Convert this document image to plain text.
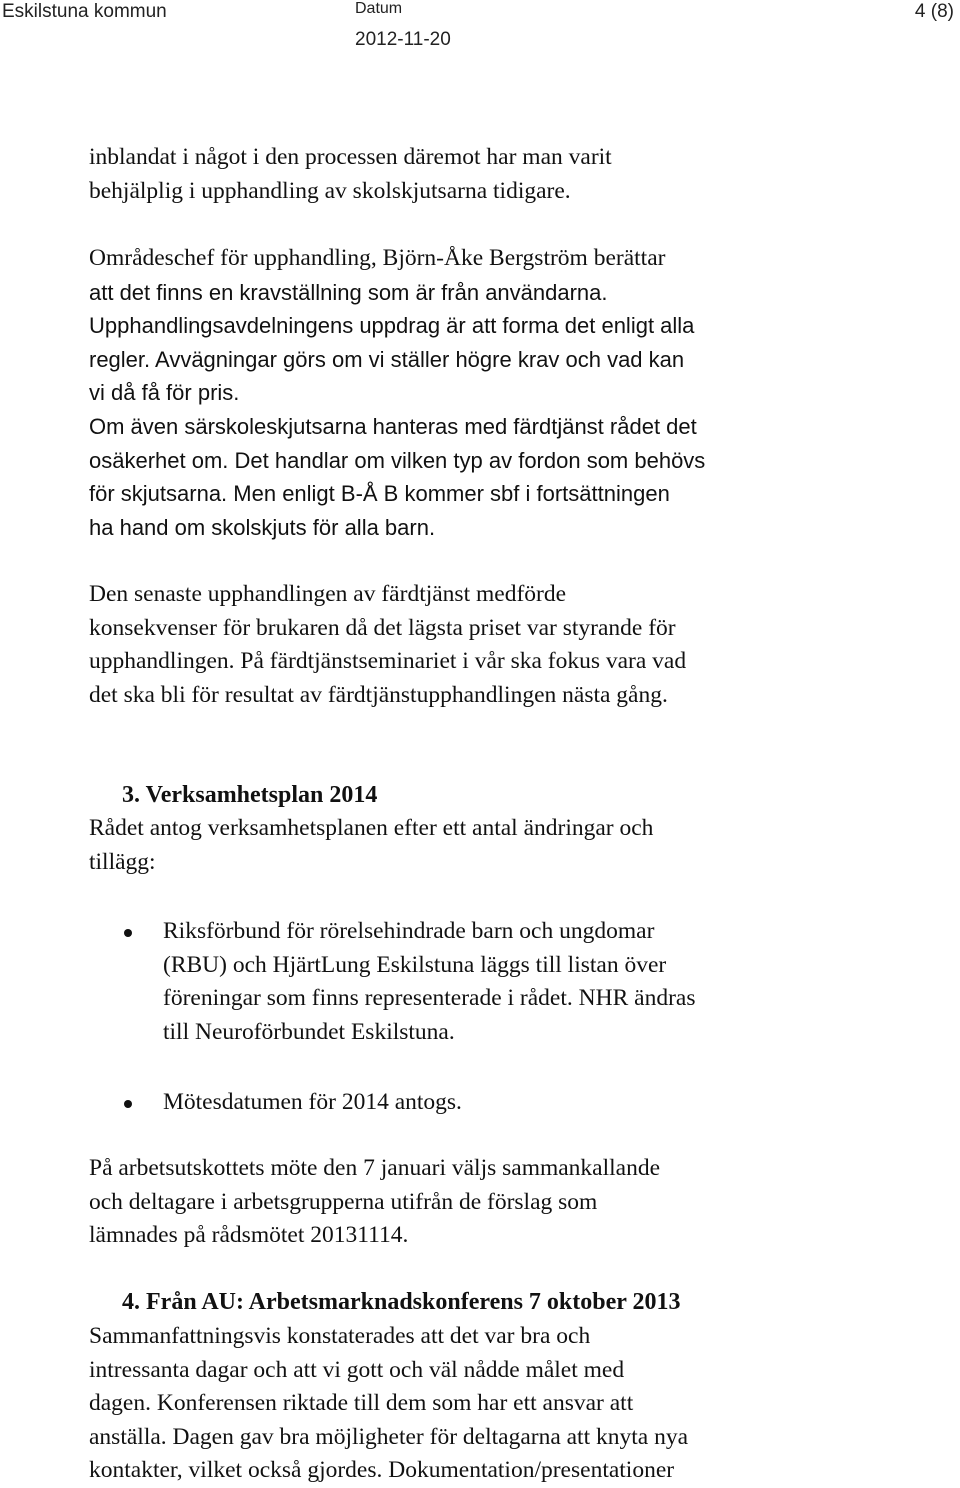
Eskilstuna kommun	Datum
2012-11-20
4 (8)

inblandat i något i den processen däremot har man varit

behjälplig i upphandling av skolskjutsarna tidigare.

Områdeschef för upphandling, Björn-Åke Bergström berättar

att det finns en kravställning som är från användarna.

Upphandlingsavdelningens uppdrag är att forma det enligt alla

regler. Avvägningar görs om vi ställer högre krav och vad kan

vi då få för pris.

Om även särskoleskjutsarna hanteras med färdtjänst rådet det

osäkerhet om. Det handlar om vilken typ av fordon som behövs

för skjutsarna. Men enligt B-Å B kommer sbf i fortsättningen

ha hand om skolskjuts för alla barn.

Den senaste upphandlingen av färdtjänst medförde

konsekvenser för brukaren då det lägsta priset var styrande för

upphandlingen. På färdtjänstseminariet i vår ska fokus vara vad

det ska bli för resultat av färdtjänstupphandlingen nästa gång.

3. Verksamhetsplan 2014

Rådet antog verksamhetsplanen efter ett antal ändringar och

tillägg:

Riksförbund för rörelsehindrade barn och ungdomar

(RBU) och HjärtLung Eskilstuna läggs till listan över

föreningar som finns representerade i rådet. NHR ändras

till Neuroförbundet Eskilstuna.

Mötesdatumen för 2014 antogs.

På arbetsutskottets möte den 7 januari väljs sammankallande

och deltagare i arbetsgrupperna utifrån de förslag som

lämnades på rådsmötet 20131114.

4. Från AU: Arbetsmarknadskonferens 7 oktober 2013

Sammanfattningsvis konstaterades att det var bra och

intressanta dagar och att vi gott och väl nådde målet med

dagen. Konferensen riktade till dem som har ett ansvar att

anställa. Dagen gav bra möjligheter för deltagarna att knyta nya

kontakter, vilket också gjordes. Dokumentation/presentationer
